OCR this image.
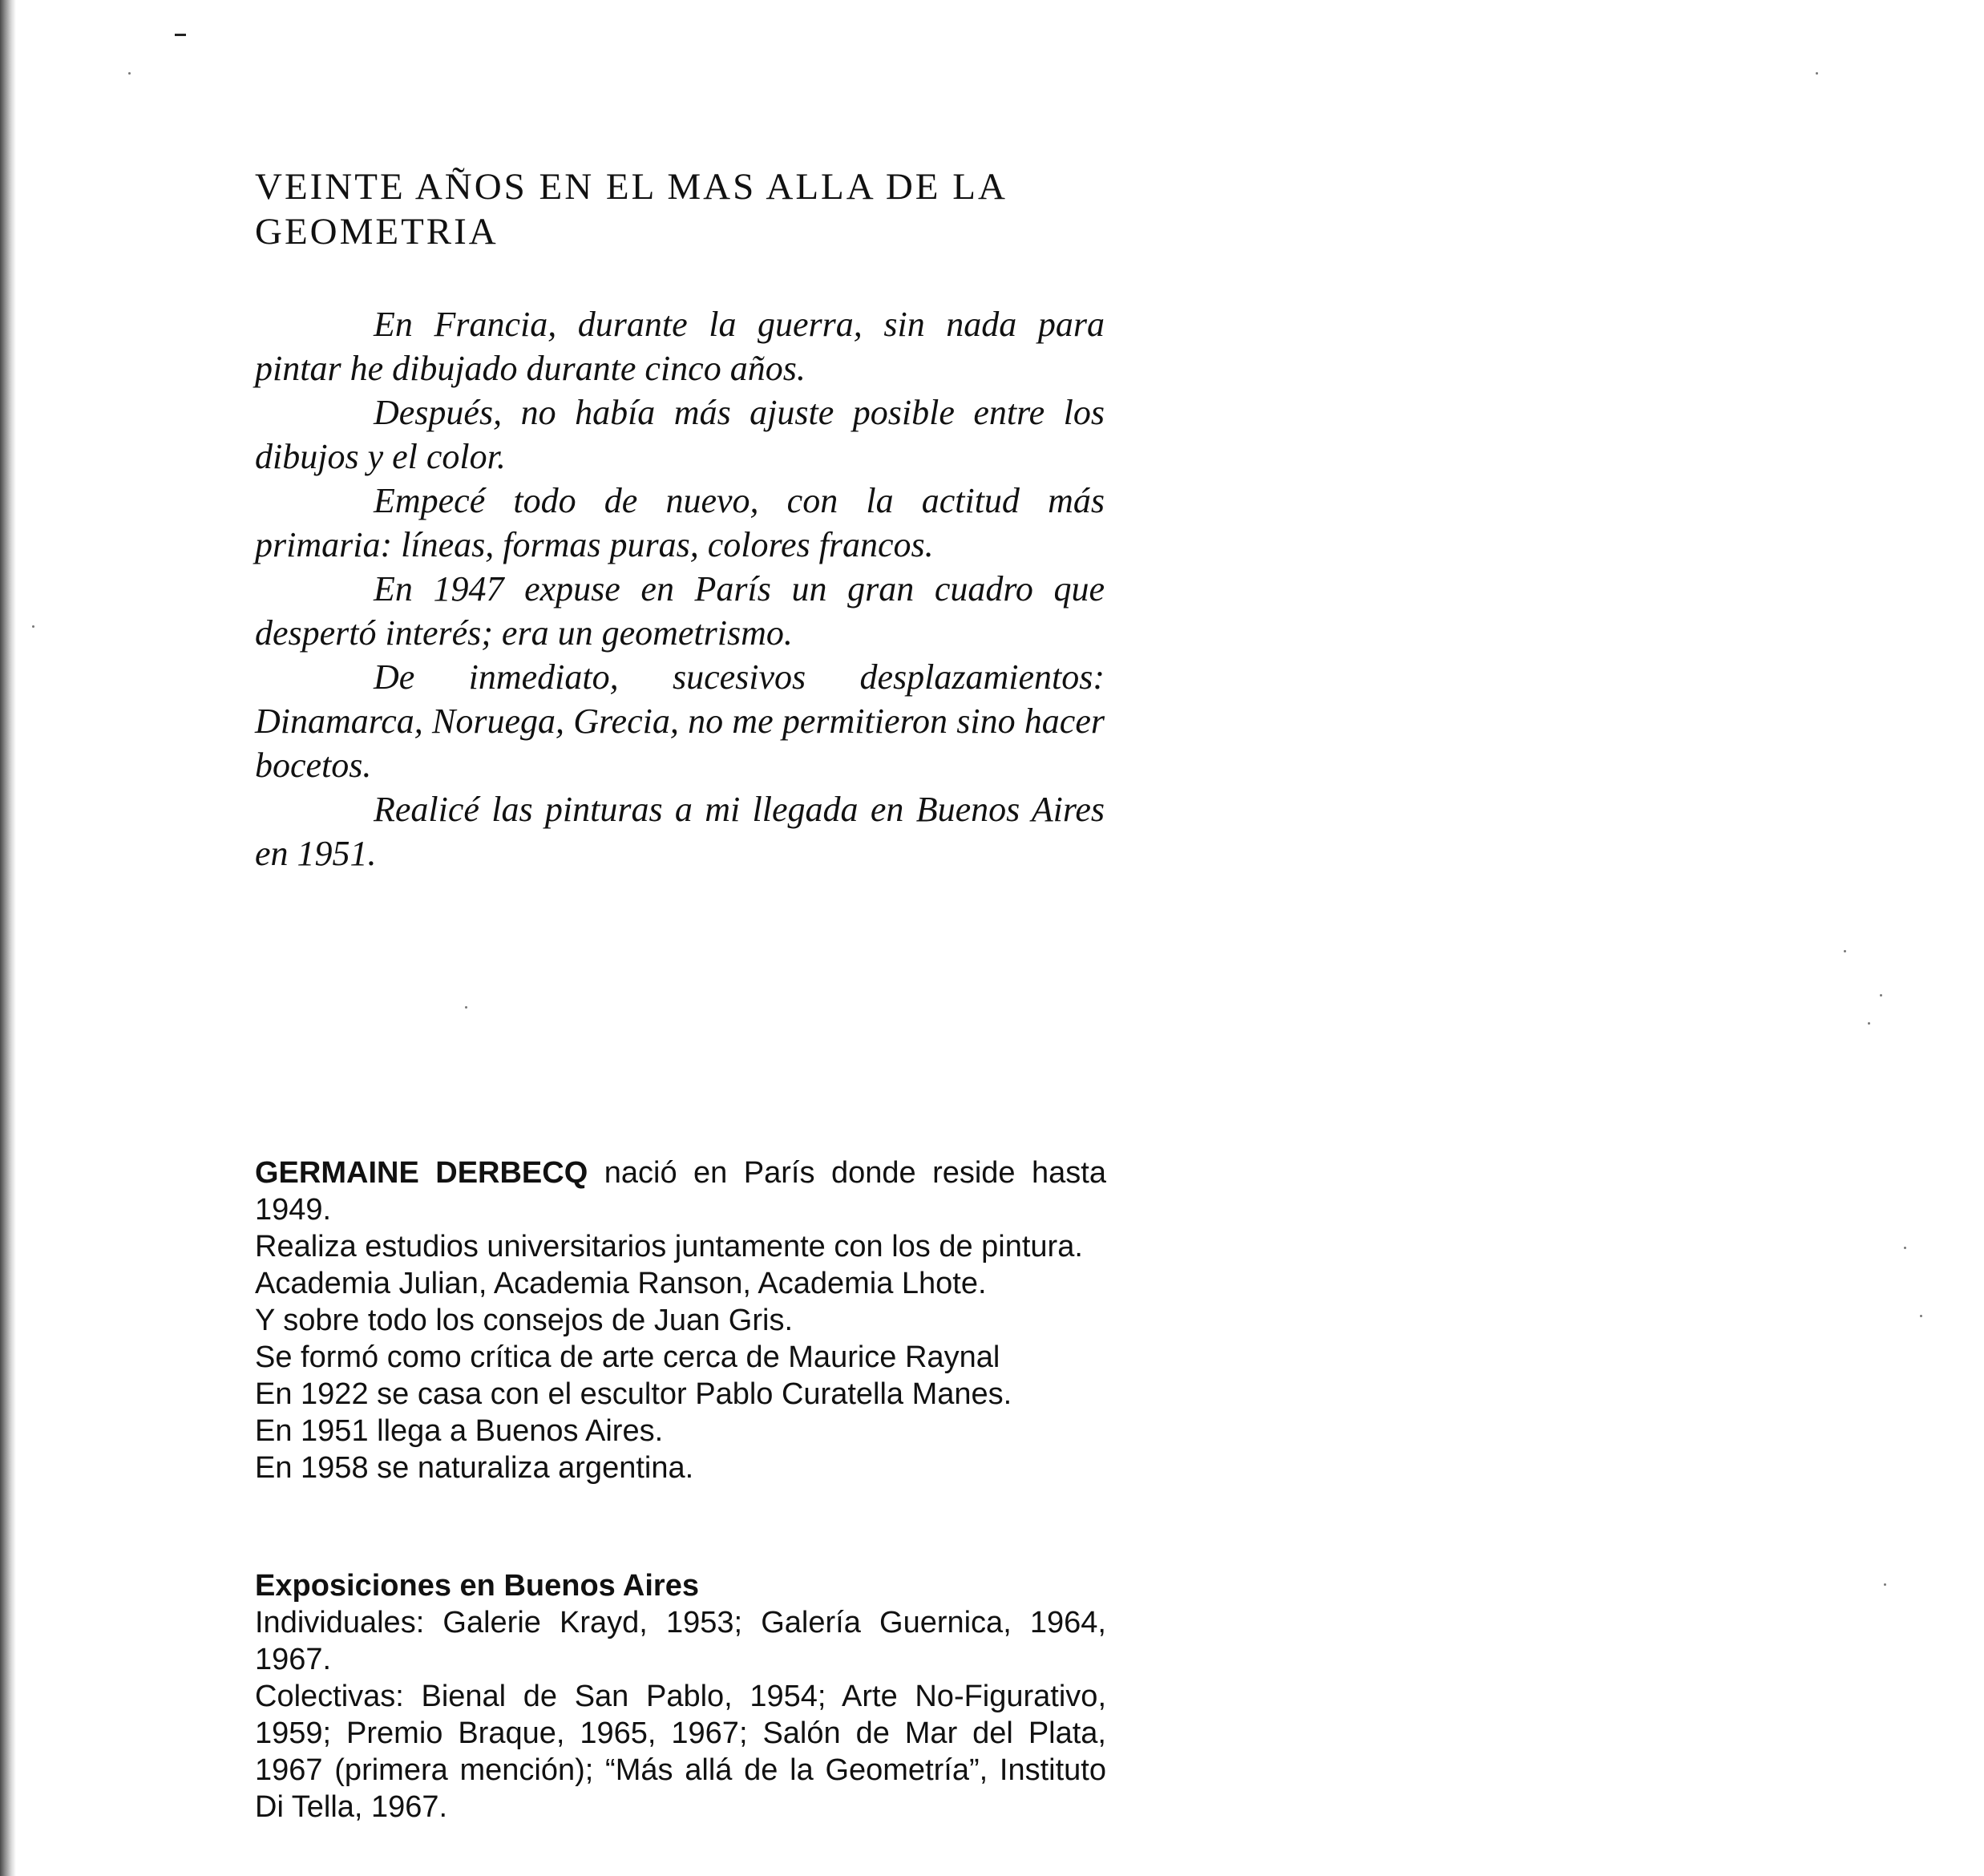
VEINTE AÑOS EN EL MAS ALLA DE LA
GEOMETRIA

En Francia, durante la guerra, sin nada para pintar he dibujado durante cinco años.

Después, no había más ajuste posible entre los dibujos y el color.

Empecé todo de nuevo, con la actitud más primaria: líneas, formas puras, colores francos.

En 1947 expuse en París un gran cuadro que despertó interés; era un geometrismo.

De inmediato, sucesivos desplazamientos: Dinamarca, Noruega, Grecia, no me permitieron sino hacer bocetos.

Realicé las pinturas a mi llegada en Buenos Aires en 1951.

GERMAINE DERBECQ nació en París donde reside hasta 1949.

Realiza estudios universitarios juntamente con los de pintura.

Academia Julian, Academia Ranson, Academia Lhote.

Y sobre todo los consejos de Juan Gris.

Se formó como crítica de arte cerca de Maurice Raynal

En 1922 se casa con el escultor Pablo Curatella Manes.

En 1951 llega a Buenos Aires.

En 1958 se naturaliza argentina.

Exposiciones en Buenos Aires

Individuales: Galerie Krayd, 1953; Galería Guernica, 1964, 1967.

Colectivas: Bienal de San Pablo, 1954; Arte No-Figurativo, 1959; Premio Braque, 1965, 1967; Salón de Mar del Plata, 1967 (primera mención); “Más allá de la Geometría”, Instituto Di Tella, 1967.
